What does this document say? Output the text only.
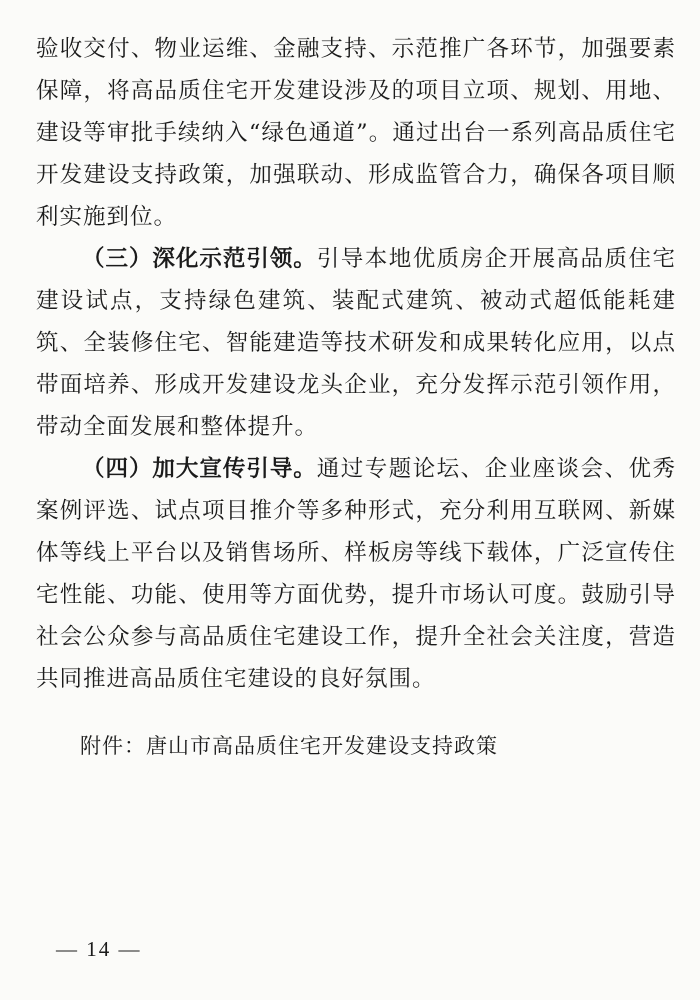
验收交付、物业运维、金融支持、示范推广各环节，加强要素保障，将高品质住宅开发建设涉及的项目立项、规划、用地、建设等审批手续纳入“绿色通道”。通过出台一系列高品质住宅开发建设支持政策，加强联动、形成监管合力，确保各项目顺利实施到位。

（三）深化示范引领。引导本地优质房企开展高品质住宅建设试点，支持绿色建筑、装配式建筑、被动式超低能耗建筑、全装修住宅、智能建造等技术研发和成果转化应用，以点带面培养、形成开发建设龙头企业，充分发挥示范引领作用，带动全面发展和整体提升。

（四）加大宣传引导。通过专题论坛、企业座谈会、优秀案例评选、试点项目推介等多种形式，充分利用互联网、新媒体等线上平台以及销售场所、样板房等线下载体，广泛宣传住宅性能、功能、使用等方面优势，提升市场认可度。鼓励引导社会公众参与高品质住宅建设工作，提升全社会关注度，营造共同推进高品质住宅建设的良好氛围。

附件：唐山市高品质住宅开发建设支持政策

— 14 —
